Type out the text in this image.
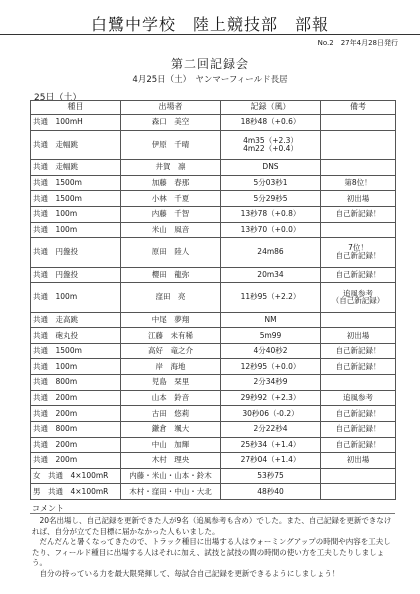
白鷺中学校　陸上競技部　部報
No.2　27年4月28日発行
第二回記録会
4月25日（土）　 ヤンマーフィールド長居
25日（土）
種目	出場者	記録（風）	備考
共通　100mH	森口　美空	18秒48（+0.6）	

共通　走幅跳	伊原　千晴	4m35（+2.3）
4m22（+0.4）	

共通　走幅跳	井賀　凛	DNS	

共通　1500m	加藤　春那	5分03秒1	第8位！

共通　1500m	小林　千夏	5分29秒5	初出場

共通　100m	内藤　千智	13秒78（+0.8）	自己新記録！

共通　100m	米山　風音	13秒70（+0.0）	

共通　円盤投	原田　陸人	24m86	7位！
自己新記録！

共通　円盤投	櫻田　龍弥	20m34	自己新記録！

共通　100m	窪田　亮	11秒95（+2.2）	追風参考
（自己新記録）

共通　走高跳	中尾　夢翔	NM	

共通　砲丸投	江藤　未有稀	5m99	初出場

共通　1500m	高好　竜之介	4分40秒2	自己新記録！

共通　100m	岸　海地	12秒95（+0.0）	自己新記録！

共通　800m	児島　栞里	2分34秒9	

共通　200m	山本　鈴音	29秒92（+2.3）	追風参考

共通　200m	古田　悠莉	30秒06（-0.2）	自己新記録！

共通　800m	鎌倉　颯大	2分22秒4	自己新記録！

共通　200m	中山　加輝	25秒34（+1.4）	自己新記録！

共通　200m	木村　理央	27秒04（+1.4）	初出場

女　共通　4×100mR	内藤・米山・山本・鈴木	53秒75	

男　共通　4×100mR	木村・窪田・中山・大北	48秒40	

コメント

　20名出場し、自己記録を更新できた人が9名（追風参考も含め）でした。また、自己記録を更新できなければ、自分が立てた目標に届かなかった人もいました。

　だんだんと暑くなってきたので、トラック種目に出場する人はウォーミングアップの時間や内容を工夫したり、フィールド種目に出場する人はそれに加え、試技と試技の間の時間の使い方を工夫したりしましょう。

　自分の持っている力を最大限発揮して、毎試合自己記録を更新できるようにしましょう！
